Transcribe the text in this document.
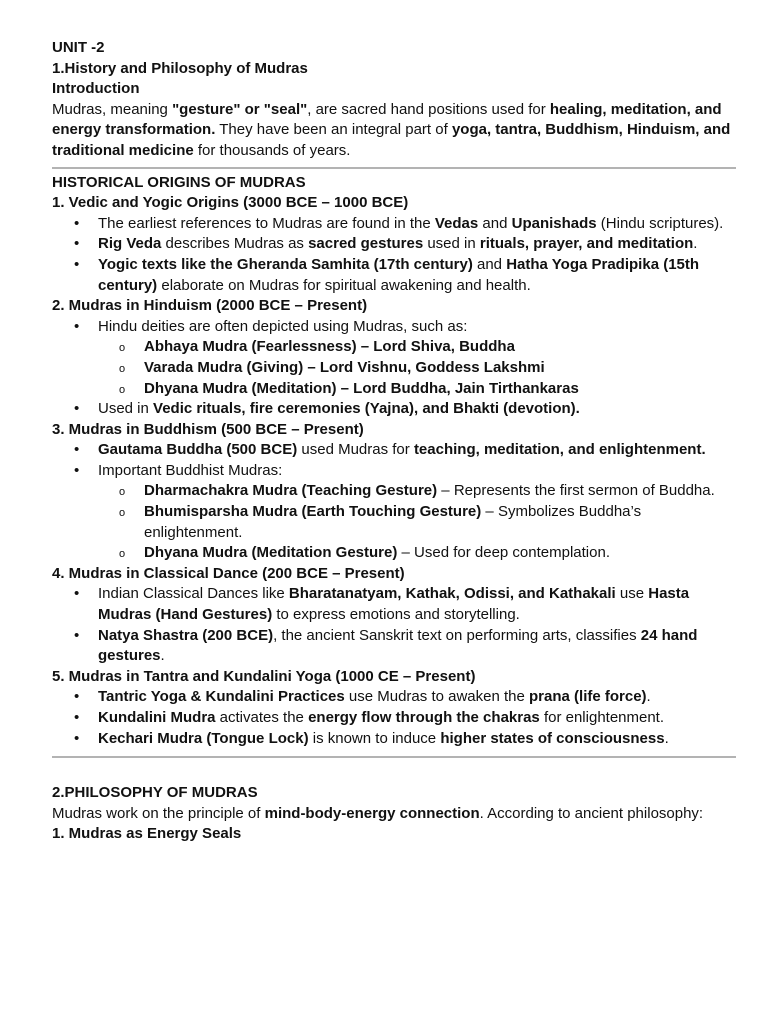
UNIT -2

1.History and Philosophy of Mudras

Introduction

Mudras, meaning "gesture" or "seal", are sacred hand positions used for healing, meditation, and energy transformation. They have been an integral part of yoga, tantra, Buddhism, Hinduism, and traditional medicine for thousands of years.

HISTORICAL ORIGINS OF MUDRAS

1. Vedic and Yogic Origins (3000 BCE – 1000 BCE)

• The earliest references to Mudras are found in the Vedas and Upanishads (Hindu scriptures).

• Rig Veda describes Mudras as sacred gestures used in rituals, prayer, and meditation.

• Yogic texts like the Gheranda Samhita (17th century) and Hatha Yoga Pradipika (15th century) elaborate on Mudras for spiritual awakening and health.

2. Mudras in Hinduism (2000 BCE – Present)

• Hindu deities are often depicted using Mudras, such as:

o Abhaya Mudra (Fearlessness) – Lord Shiva, Buddha

o Varada Mudra (Giving) – Lord Vishnu, Goddess Lakshmi

o Dhyana Mudra (Meditation) – Lord Buddha, Jain Tirthankaras

• Used in Vedic rituals, fire ceremonies (Yajna), and Bhakti (devotion).

3. Mudras in Buddhism (500 BCE – Present)

• Gautama Buddha (500 BCE) used Mudras for teaching, meditation, and enlightenment.

• Important Buddhist Mudras:

o Dharmachakra Mudra (Teaching Gesture) – Represents the first sermon of Buddha.

o Bhumisparsha Mudra (Earth Touching Gesture) – Symbolizes Buddha’s enlightenment.

o Dhyana Mudra (Meditation Gesture) – Used for deep contemplation.

4. Mudras in Classical Dance (200 BCE – Present)

• Indian Classical Dances like Bharatanatyam, Kathak, Odissi, and Kathakali use Hasta Mudras (Hand Gestures) to express emotions and storytelling.

• Natya Shastra (200 BCE), the ancient Sanskrit text on performing arts, classifies 24 hand gestures.

5. Mudras in Tantra and Kundalini Yoga (1000 CE – Present)

• Tantric Yoga & Kundalini Practices use Mudras to awaken the prana (life force).

• Kundalini Mudra activates the energy flow through the chakras for enlightenment.

• Kechari Mudra (Tongue Lock) is known to induce higher states of consciousness.

2.PHILOSOPHY OF MUDRAS

Mudras work on the principle of mind-body-energy connection. According to ancient philosophy:

1. Mudras as Energy Seals
